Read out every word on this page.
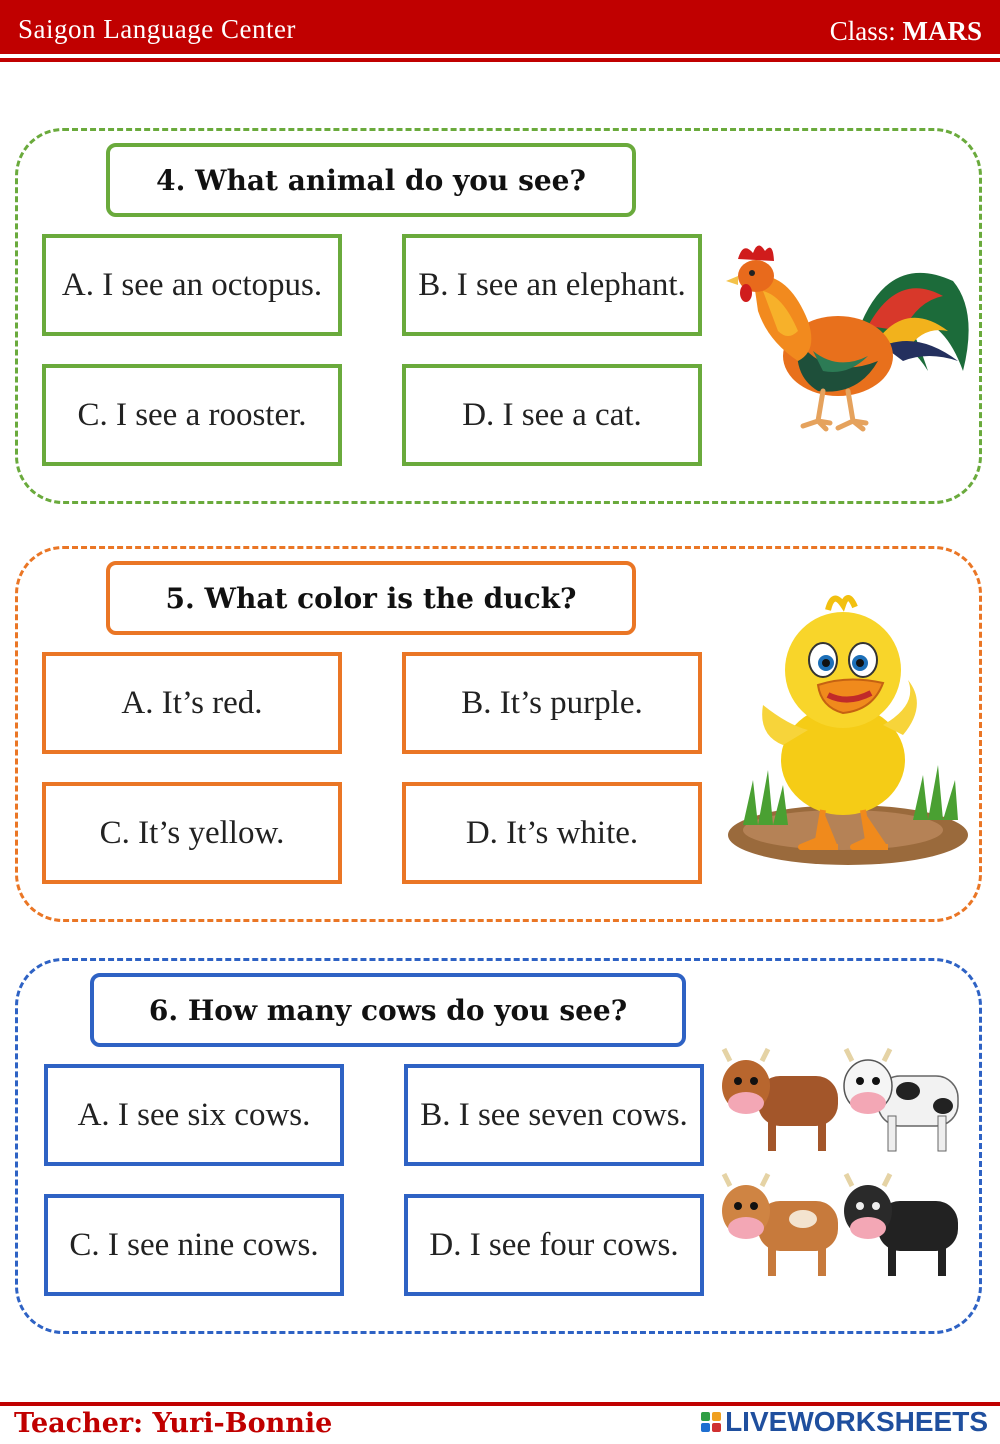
Saigon Language Center	Class: MARS
4. What animal do you see?
A. I see an octopus.	B. I see an elephant.
C. I see a rooster.	D. I see a cat.
5. What color is the duck?
A. It’s red.	B. It’s purple.
C. It’s yellow.	D. It’s white.
6. How many cows do you see?
A. I see six cows.	B. I see seven cows.
C. I see nine cows.	D. I see four cows.
Teacher: Yuri-Bonnie	LIVEWORKSHEETS
